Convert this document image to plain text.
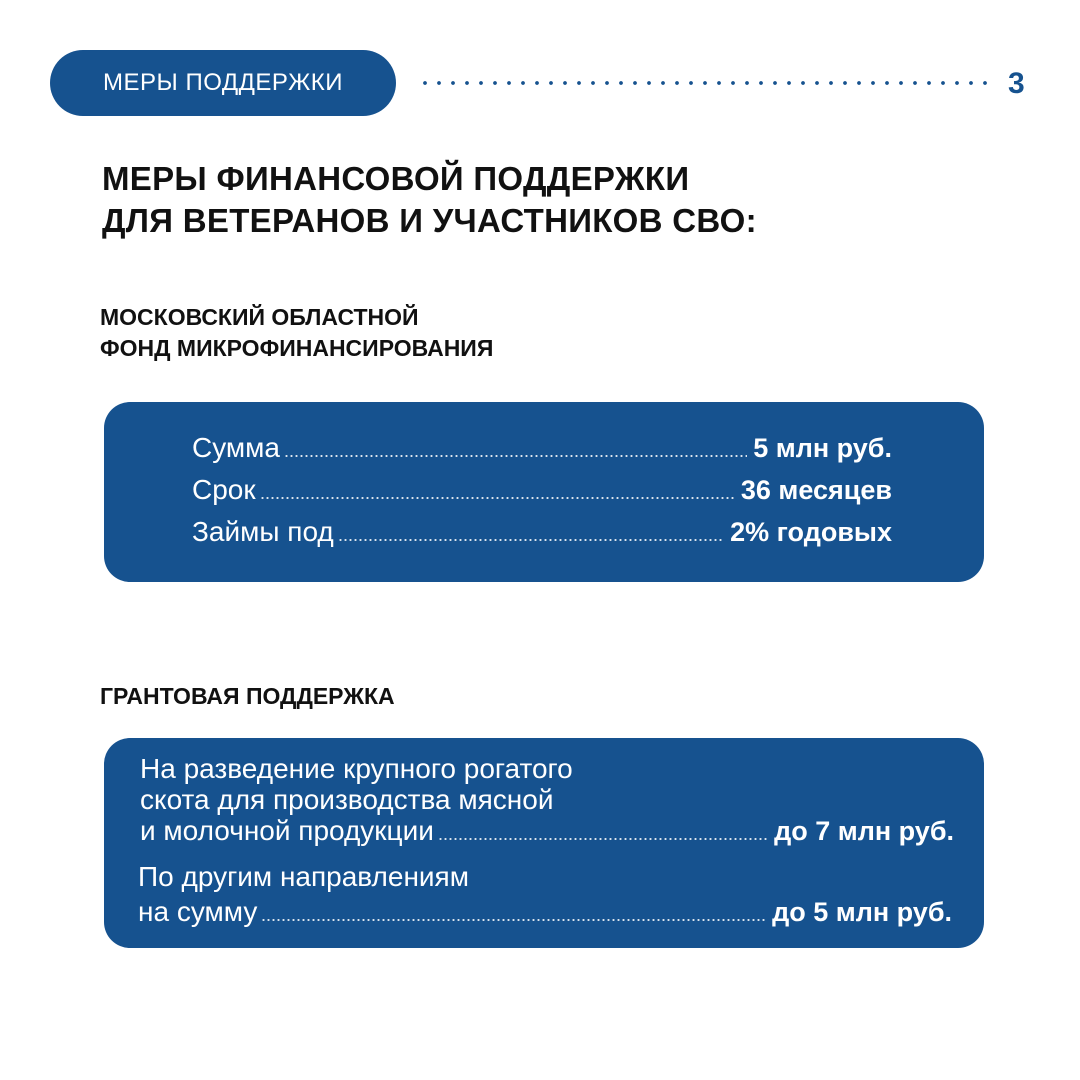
МЕРЫ ПОДДЕРЖКИ	3
МЕРЫ ФИНАНСОВОЙ ПОДДЕРЖКИ
ДЛЯ ВЕТЕРАНОВ И УЧАСТНИКОВ СВО:
МОСКОВСКИЙ ОБЛАСТНОЙ
ФОНД МИКРОФИНАНСИРОВАНИЯ
Сумма	5 млн руб.
Срок	36 месяцев
Займы под	2% годовых
ГРАНТОВАЯ ПОДДЕРЖКА
На разведение крупного рогатого
скота для производства мясной
и молочной продукции	до 7 млн руб.
По другим направлениям
на сумму	до 5 млн руб.
